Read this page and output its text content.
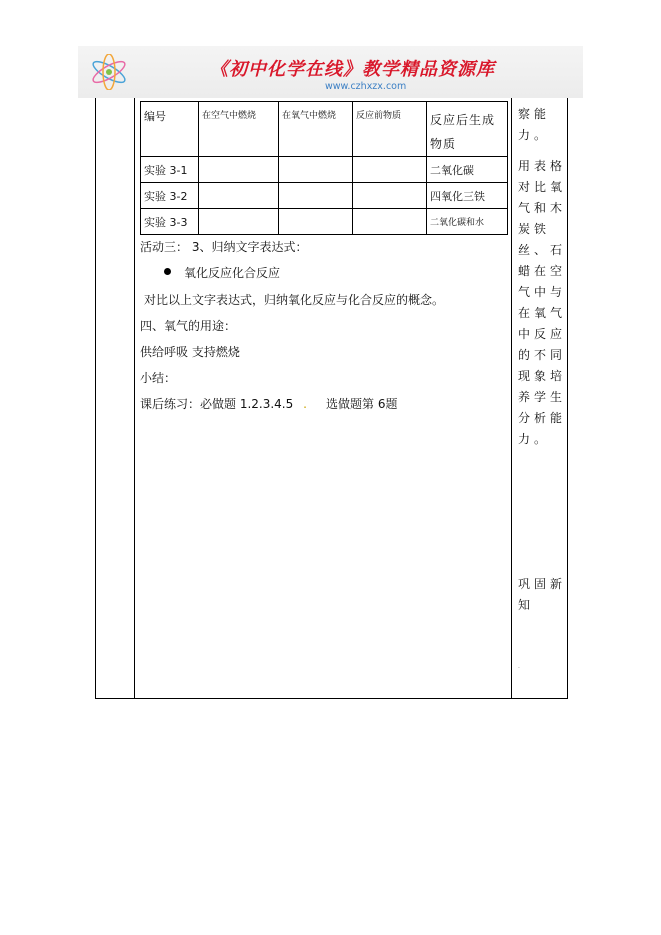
《初中化学在线》教学精品资源库
www.czhxzx.com
编号	在空气中燃烧	在氧气中燃烧	反应前物质	反应后生成物质
实验 3-1				二氧化碳
实验 3-2				四氧化三铁
实验 3-3				二氧化碳和水
活动三： 3、归纳文字表达式：
氧化反应化合反应
对比以上文字表达式，归纳氧化反应与化合反应的概念。
四、氧气的用途：
供给呼吸 支持燃烧
小结：
课后练习：必做题 1.2.3.4.5 . 选做题第 6题
察能力。
用表格对比氧气和木炭铁丝、石蜡在空气中与在氧气中反应的不同现象培养学生分析能力。
巩固新知
.
